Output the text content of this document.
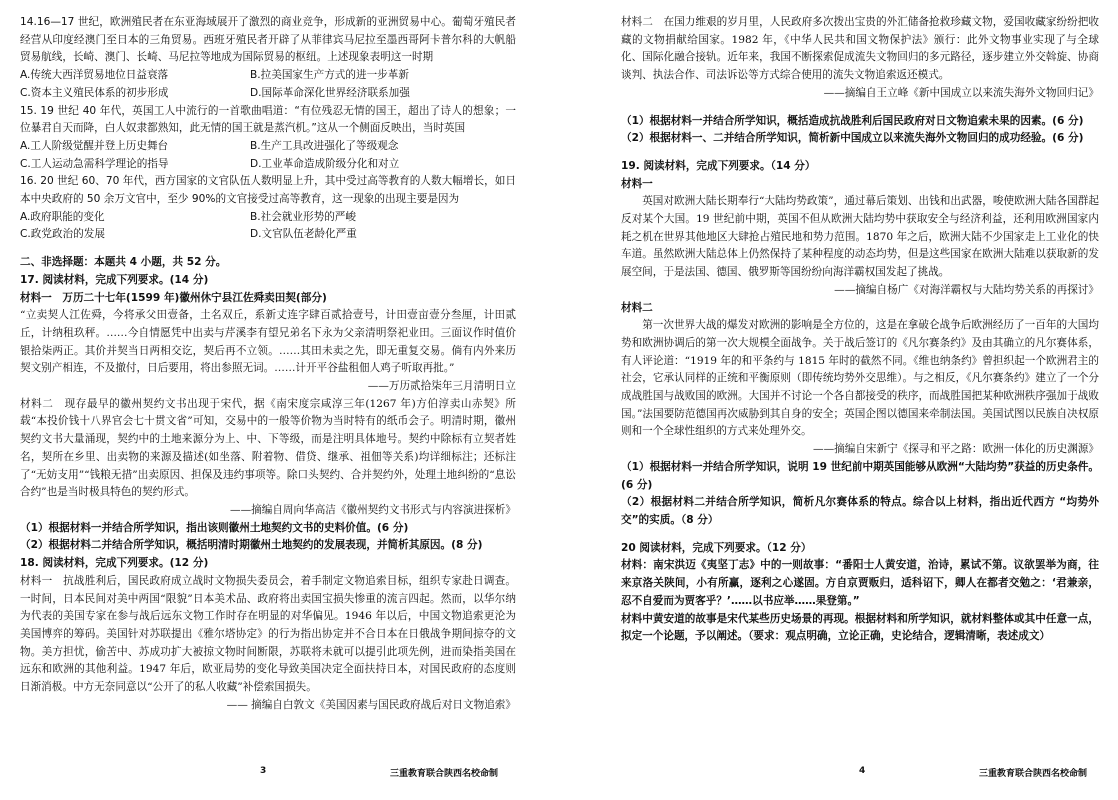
14.16—17 世纪，欧洲殖民者在东亚海域展开了激烈的商业竞争，形成新的亚洲贸易中心。葡萄牙殖民者经营从印度经澳门至日本的三角贸易。西班牙殖民者开辟了从菲律宾马尼拉至墨西哥阿卡普尔科的大帆船贸易航线，长崎、澳门、长崎、马尼拉等地成为国际贸易的枢纽。上述现象表明这一时期

A.传统大西洋贸易地位日益衰落	B.拉美国家生产方式的进一步革新
C.资本主义殖民体系的初步形成	D.国际革命深化世界经济联系加强

15. 19 世纪 40 年代，英国工人中流行的一首歌曲唱道：“有位残忍无情的国王，超出了诗人的想象；一位暴君自天而降，白人奴隶都熟知，此无情的国王就是蒸汽机。”这从一个侧面反映出，当时英国

A.工人阶级觉醒并登上历史舞台	B.生产工具改进强化了等级观念
C.工人运动急需科学理论的指导	D.工业革命造成阶级分化和对立

16. 20 世纪 60、70 年代，西方国家的文官队伍人数明显上升，其中受过高等教育的人数大幅增长，如日本中央政府的 50 余万文官中，至少 90%的文官接受过高等教育，这一现象的出现主要是因为

A.政府职能的变化	B.社会就业形势的严峻
C.政党政治的发展	D.文官队伍老龄化严重

二、非选择题：本题共 4 小题，共 52 分。

17. 阅读材料，完成下列要求。(14 分)

材料一　万历二十七年(1599 年)徽州休宁县江佐舜卖田契(部分)

“立卖契人江佐舜，今将承父田壹备，土名双丘，系新丈连字肆百贰拾壹号，计田壹亩壹分叁厘，计田贰丘，计纳租玖秤。……今自情愿凭中出卖与芹溪李有望兄弟名下永为父亲清明祭祀业田。三面议作时值价银拾柒两正。其价并契当日两相交讫，契后再不立领。……其田未卖之先，即无重复交易。倘有内外来历契文别产相连，不及撤付，日后要用，将出参照无词。……计开平谷盐租佃人鸡子听取再批。”

——万历贰拾柒年三月清明日立

材料二　现存最早的徽州契约文书出现于宋代，据《南宋度宗咸淳三年(1267 年)方伯淳卖山赤契》所载“本投价钱十八界官会七十贯文省”可知，交易中的一般等价物为当时特有的纸币会子。明清时期，徽州契约文书大量涌现，契约中的土地来源分为上、中、下等级，而是注明具体地号。契约中除标有立契者姓名，契所在乡里、出卖物的来源及描述(如坐落、附着物、借贷、继承、祖佃等关系)均详细标注；还标注了“无妨支用”“钱粮无措”出卖原因、担保及违约事项等。除口头契约、合并契约外，处理土地纠纷的“息讼合约”也是当时极具特色的契约形式。

——摘编自周向华高洁《徽州契约文书形式与内容演进探析》

（1）根据材料一并结合所学知识，指出该则徽州土地契约文书的史料价值。(6 分)

（2）根据材料二并结合所学知识，概括明清时期徽州土地契约的发展表现，并简析其原因。(8 分)

18. 阅读材料，完成下列要求。(12 分)

材料一　抗战胜利后，国民政府成立战时文物损失委员会，着手制定文物追索目标，组织专家赴日调查。一时间，日本民间对美中两国“限貌”日本美术品、政府将出卖国宝损失惨重的流言四起。然而，以华尔纳为代表的美国专家在参与战后远东文物工作时存在明显的对华偏见。1946 年以后，中国文物追索更沦为美国博弈的筹码。美国针对苏联提出《雅尔塔协定》的行为指出协定并不合日本在日俄战争期间掠夺的文物。美方担忧，偷苦中、苏成功扩大被掠文物时间断限，苏联将未就可以提引此项先例，进而染指美国在远东和欧洲的其他利益。1947 年后，欧亚局势的变化导致美国决定全面扶持日本，对国民政府的态度则日渐消极。中方无奈同意以“公开了的私人收藏”补偿索国损失。

—— 摘编自白敦文《美国因素与国民政府战后对日文物追索》

3	三重教育联合陕西名校命制

材料二　在国力维艰的岁月里，人民政府多次拨出宝贵的外汇储备抢救珍藏文物，爱国收藏家纷纷把收藏的文物捐献给国家。1982 年，《中华人民共和国文物保护法》颁行：此外文物事业实现了与全球化、国际化融合接轨。近年来，我国不断探索促成流失文物回归的多元路径，逐步建立外交斡旋、协商谈判、执法合作、司法诉讼等方式综合使用的流失文物追索返还模式。

——摘编自王立峰《新中国成立以来流失海外文物回归记》

（1）根据材料一并结合所学知识，概括造成抗战胜利后国民政府对日文物追索未果的因素。(6 分)

（2）根据材料一、二并结合所学知识，简析新中国成立以来流失海外文物回归的成功经验。(6 分)

19. 阅读材料，完成下列要求。（14 分）

材料一

英国对欧洲大陆长期奉行“大陆均势政策”，通过幕后策划、出钱和出武器，唆使欧洲大陆各国群起反对某个大国。19 世纪前中期，英国不但从欧洲大陆均势中获取安全与经济利益，还利用欧洲国家内耗之机在世界其他地区大肆抢占殖民地和势力范围。1870 年之后，欧洲大陆不少国家走上工业化的快车道。虽然欧洲大陆总体上仍然保持了某种程度的动态均势，但是这些国家在欧洲大陆难以获取新的发展空间，于是法国、德国、俄罗斯等国纷纷向海洋霸权国发起了挑战。

——摘编自杨广《对海洋霸权与大陆均势关系的再探讨》

材料二

第一次世界大战的爆发对欧洲的影响是全方位的，这是在拿破仑战争后欧洲经历了一百年的大国均势和欧洲协调后的第一次大规模全面战争。关于战后签订的《凡尔赛条约》及由其确立的凡尔赛体系，有人评论道：“1919 年的和平条约与 1815 年时的截然不同。《维也纳条约》曾担织起一个欧洲君主的社会，它承认同样的正统和平衡原则（即传统均势外交思维）。与之相反，《凡尔赛条约》建立了一个分成战胜国与战败国的欧洲。大国并不讨论一个各自都接受的秩序，而战胜国把某种欧洲秩序强加于战败国。”法国要防范德国再次威胁到其自身的安全；英国企图以德国来牵制法国。美国试图以民族自决权原则和一个全球性组织的方式来处理外交。

——摘编自宋新宁《探寻和平之路：欧洲一体化的历史渊源》

（1）根据材料一并结合所学知识，说明 19 世纪前中期英国能够从欧洲“大陆均势”获益的历史条件。(6 分)

（2）根据材料二并结合所学知识，简析凡尔赛体系的特点。综合以上材料，指出近代西方 “均势外交”的实质。（8 分）

20 阅读材料，完成下列要求。（12 分）

材料：南宋洪迈《夷坚丁志》中的一则故事：“番阳士人黄安道，治诗，累试不第。议欲罢举为商，往来京洛关陕间，小有所赢，逐利之心遂固。方自京贾贩归，适科诏下，卿人在都者交勉之：‘君兼亲，忍不自爱而为贾客乎？’……以书应举……果登第。”

材料中黄安道的故事是宋代某些历史场景的再现。根据材料和所学知识，就材料整体或其中任意一点，拟定一个论题，予以阐述。（要求：观点明确，立论正确，史论结合，逻辑清晰，表述成文）

4	三重教育联合陕西名校命制
